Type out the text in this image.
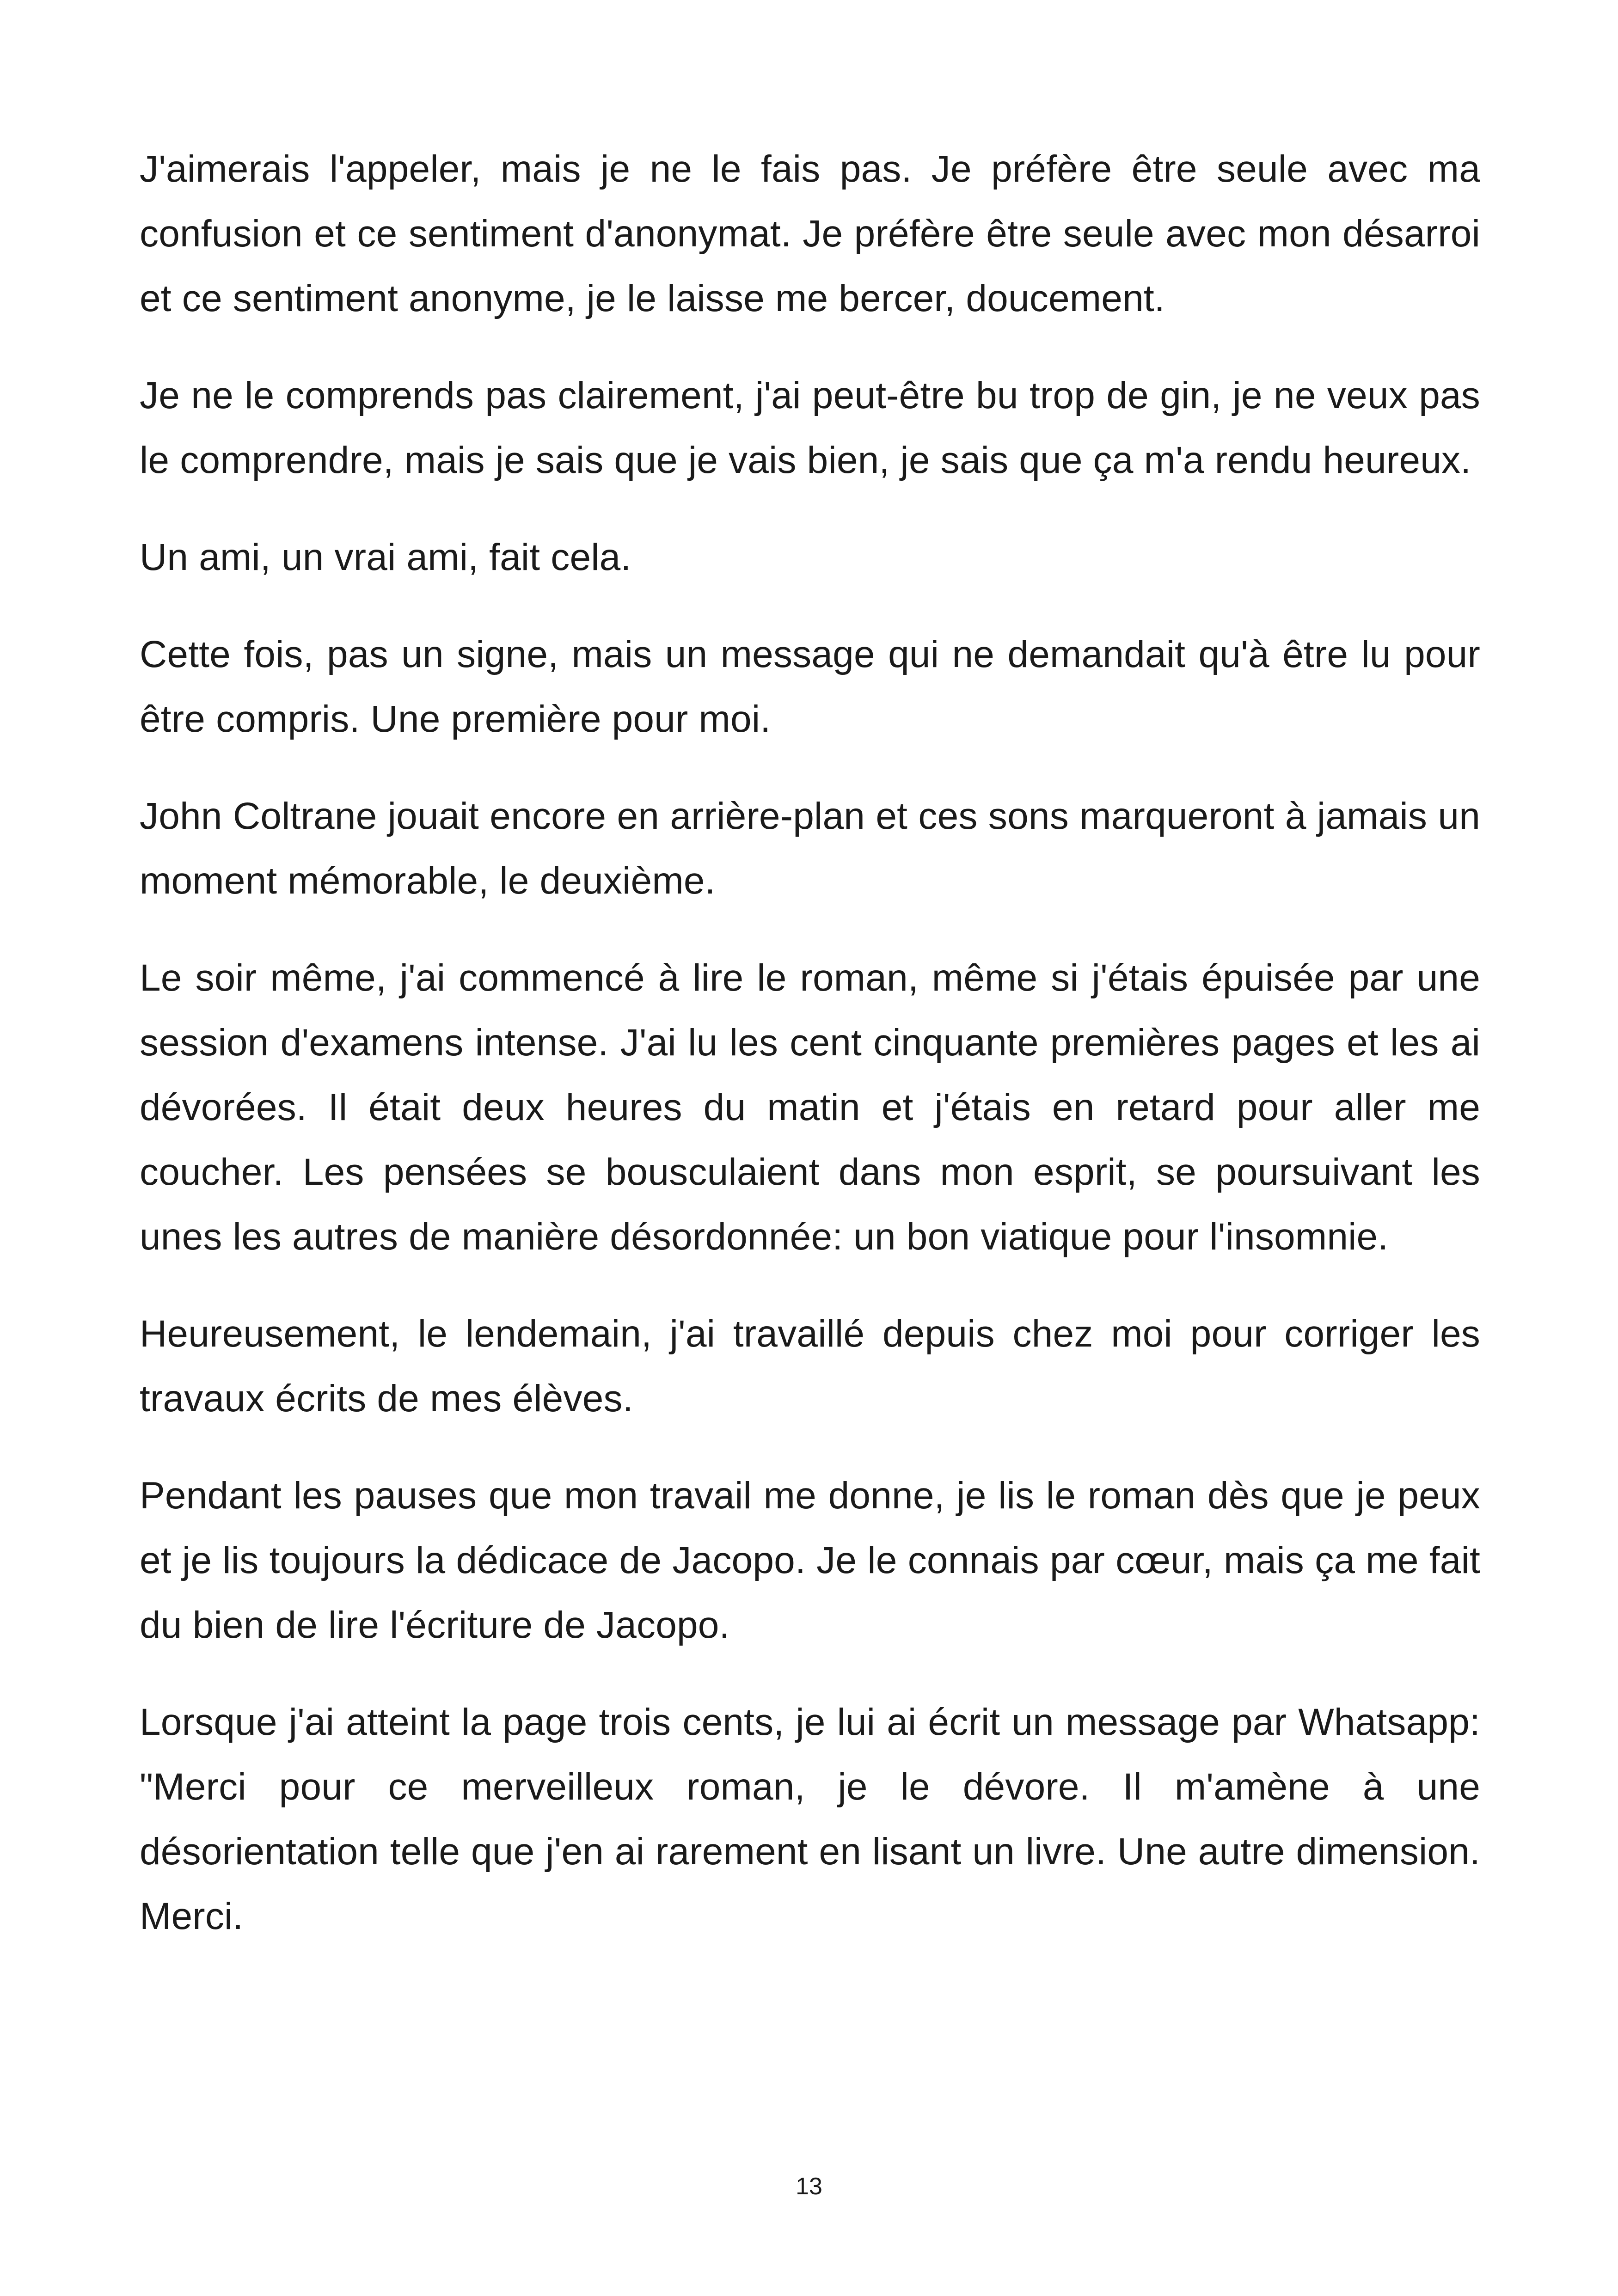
J'aimerais l'appeler, mais je ne le fais pas. Je préfère être seule avec ma confusion et ce sentiment d'anonymat. Je préfère être seule avec mon désarroi et ce sentiment anonyme, je le laisse me bercer, doucement.

Je ne le comprends pas clairement, j'ai peut-être bu trop de gin, je ne veux pas le comprendre, mais je sais que je vais bien, je sais que ça m'a rendu heureux.

Un ami, un vrai ami, fait cela.

Cette fois, pas un signe, mais un message qui ne demandait qu'à être lu pour être compris. Une première pour moi.

John Coltrane jouait encore en arrière-plan et ces sons marqueront à jamais un moment mémorable, le deuxième.

Le soir même, j'ai commencé à lire le roman, même si j'étais épuisée par une session d'examens intense. J'ai lu les cent cinquante premières pages et les ai dévorées. Il était deux heures du matin et j'étais en retard pour aller me coucher. Les pensées se bousculaient dans mon esprit, se poursuivant les unes les autres de manière désordonnée: un bon viatique pour l'insomnie.

Heureusement, le lendemain, j'ai travaillé depuis chez moi pour corriger les travaux écrits de mes élèves.

Pendant les pauses que mon travail me donne, je lis le roman dès que je peux et je lis toujours la dédicace de Jacopo. Je le connais par cœur, mais ça me fait du bien de lire l'écriture de Jacopo.

Lorsque j'ai atteint la page trois cents, je lui ai écrit un message par Whatsapp: "Merci pour ce merveilleux roman, je le dévore. Il m'amène à une désorientation telle que j'en ai rarement en lisant un livre. Une autre dimension. Merci.

13
